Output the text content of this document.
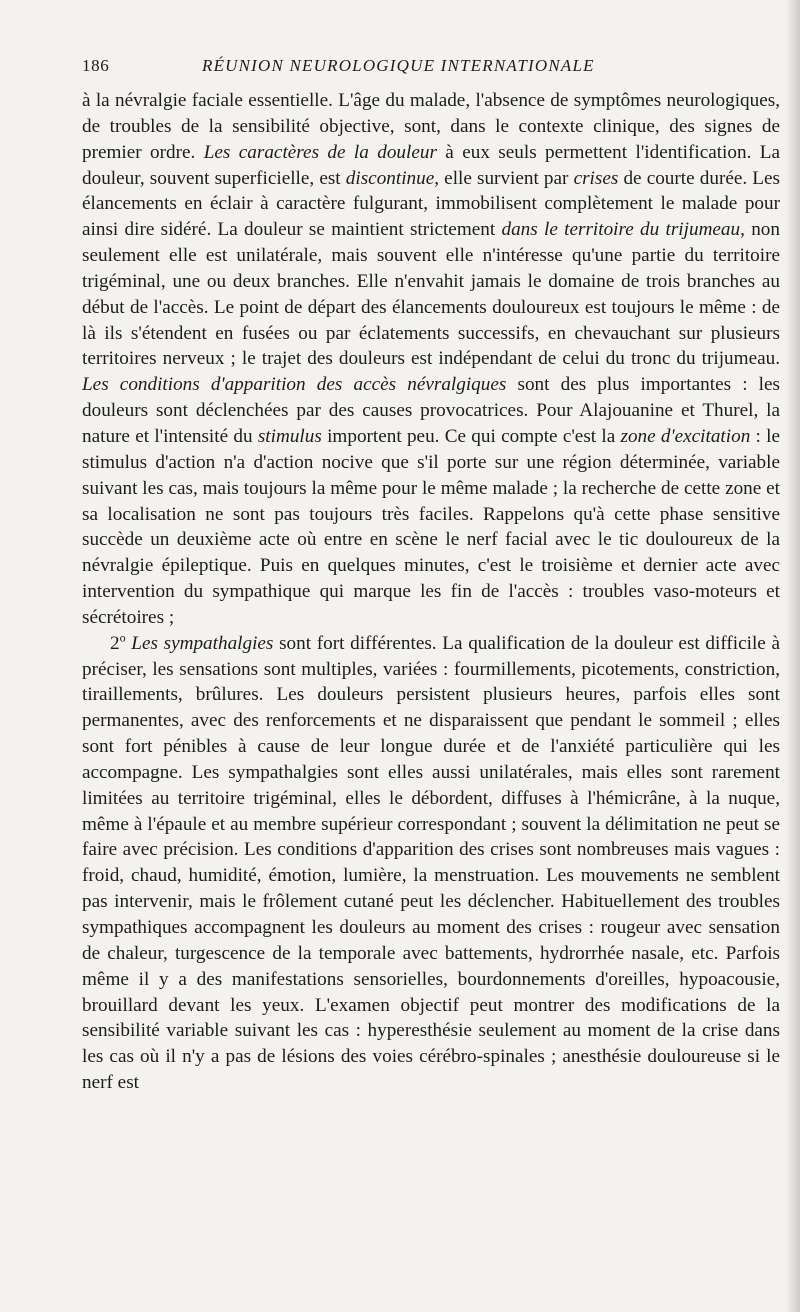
186	RÉUNION NEUROLOGIQUE INTERNATIONALE

à la névralgie faciale essentielle. L'âge du malade, l'absence de symptômes neurologiques, de troubles de la sensibilité objective, sont, dans le contexte clinique, des signes de premier ordre. Les caractères de la douleur à eux seuls permettent l'identification. La douleur, souvent superficielle, est discontinue, elle survient par crises de courte durée. Les élancements en éclair à caractère fulgurant, immobilisent complètement le malade pour ainsi dire sidéré. La douleur se maintient strictement dans le territoire du trijumeau, non seulement elle est unilatérale, mais souvent elle n'intéresse qu'une partie du territoire trigéminal, une ou deux branches. Elle n'envahit jamais le domaine de trois branches au début de l'accès. Le point de départ des élancements douloureux est toujours le même : de là ils s'étendent en fusées ou par éclatements successifs, en chevauchant sur plusieurs territoires nerveux ; le trajet des douleurs est indépendant de celui du tronc du trijumeau. Les conditions d'apparition des accès névralgiques sont des plus importantes : les douleurs sont déclenchées par des causes provocatrices. Pour Alajouanine et Thurel, la nature et l'intensité du stimulus importent peu. Ce qui compte c'est la zone d'excitation : le stimulus d'action n'a d'action nocive que s'il porte sur une région déterminée, variable suivant les cas, mais toujours la même pour le même malade ; la recherche de cette zone et sa localisation ne sont pas toujours très faciles. Rappelons qu'à cette phase sensitive succède un deuxième acte où entre en scène le nerf facial avec le tic douloureux de la névralgie épileptique. Puis en quelques minutes, c'est le troisième et dernier acte avec intervention du sympathique qui marque les fin de l'accès : troubles vaso-moteurs et sécrétoires ;

2$^o$ Les sympathalgies sont fort différentes. La qualification de la douleur est difficile à préciser, les sensations sont multiples, variées : fourmillements, picotements, constriction, tiraillements, brûlures. Les douleurs persistent plusieurs heures, parfois elles sont permanentes, avec des renforcements et ne disparaissent que pendant le sommeil ; elles sont fort pénibles à cause de leur longue durée et de l'anxiété particulière qui les accompagne. Les sympathalgies sont elles aussi unilatérales, mais elles sont rarement limitées au territoire trigéminal, elles le débordent, diffuses à l'hémicrâne, à la nuque, même à l'épaule et au membre supérieur correspondant ; souvent la délimitation ne peut se faire avec précision. Les conditions d'apparition des crises sont nombreuses mais vagues : froid, chaud, humidité, émotion, lumière, la menstruation. Les mouvements ne semblent pas intervenir, mais le frôlement cutané peut les déclencher. Habituellement des troubles sympathiques accompagnent les douleurs au moment des crises : rougeur avec sensation de chaleur, turgescence de la temporale avec battements, hydrorrhée nasale, etc. Parfois même il y a des manifestations sensorielles, bourdonnements d'oreilles, hypoacousie, brouillard devant les yeux. L'examen objectif peut montrer des modifications de la sensibilité variable suivant les cas : hyperesthésie seulement au moment de la crise dans les cas où il n'y a pas de lésions des voies cérébro-spinales ; anesthésie douloureuse si le nerf est
